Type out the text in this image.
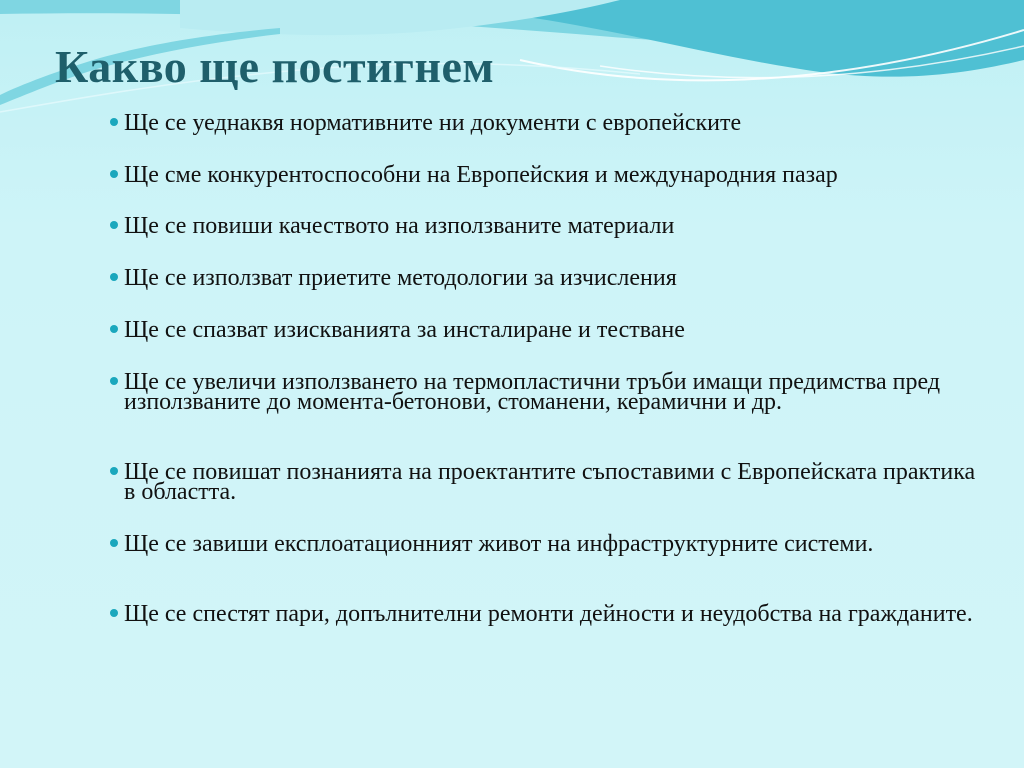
Какво ще постигнем
Ще се уеднаквя нормативните ни документи с европейските
Ще сме конкурентоспособни на Европейския и международния пазар
Ще се повиши качеството на използваните материали
Ще се използват приетите методологии за изчисления
Ще се спазват изискванията за инсталиране и тестване
Ще се увеличи използването на термопластични тръби имащи предимства пред използваните до момента-бетонови, стоманени, керамични и др.
Ще се повишат познанията на проектантите съпоставими с Европейската практика в областта.
Ще се завиши експлоатационният живот на инфраструктурните системи.
Ще се спестят пари, допълнителни ремонти дейности и неудобства на гражданите.
